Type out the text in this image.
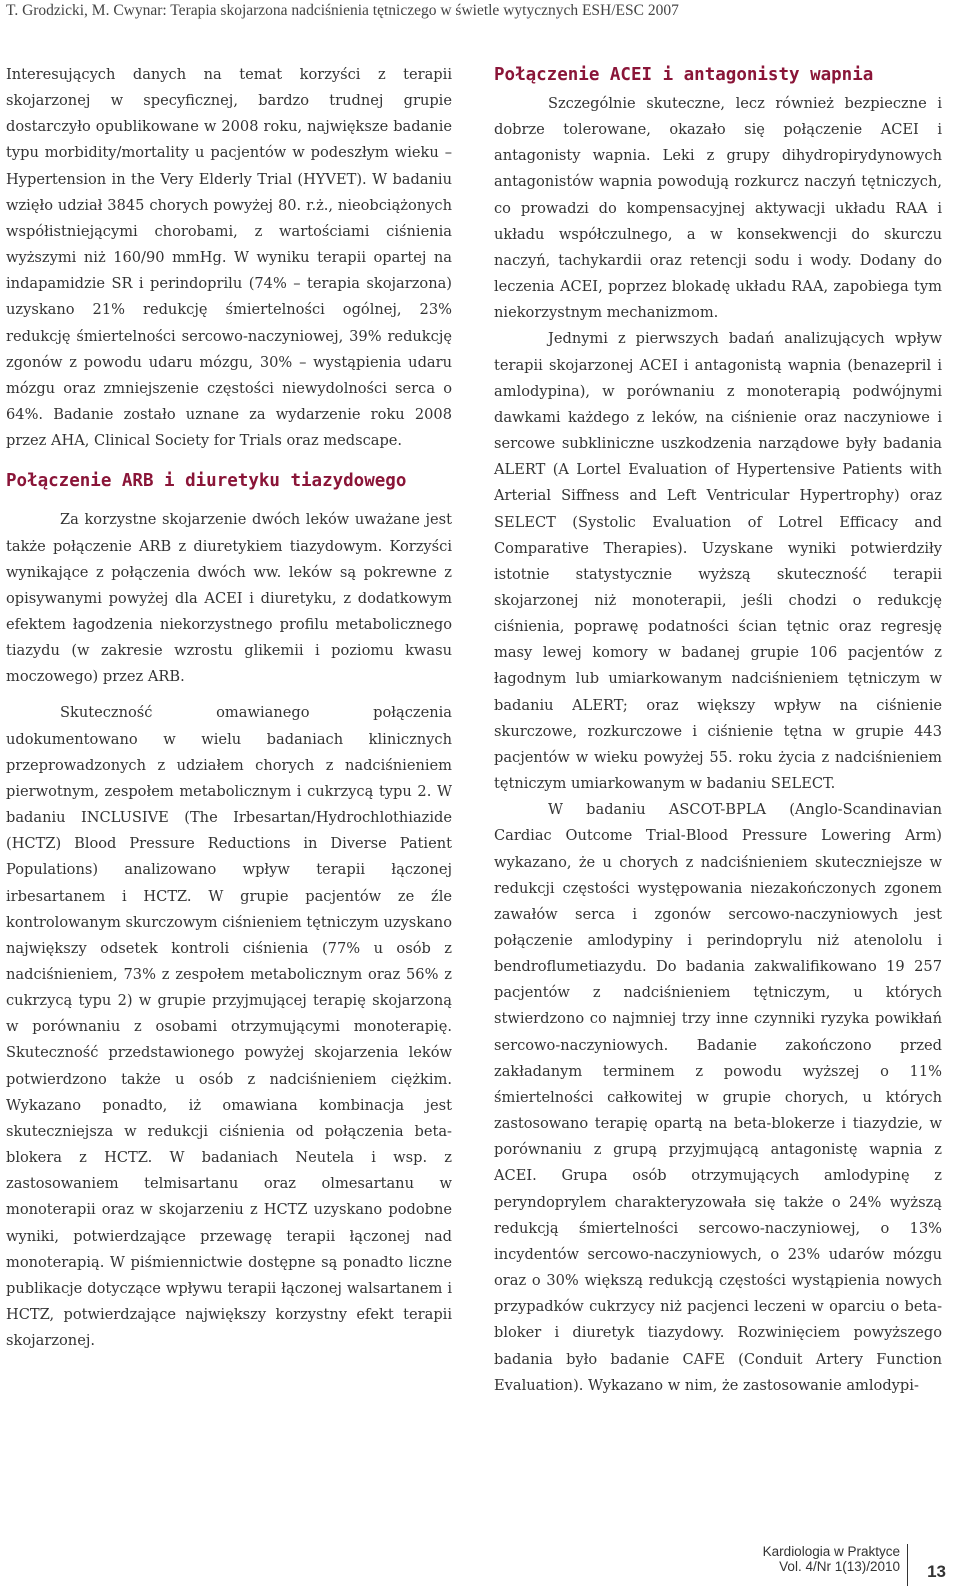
T. Grodzicki, M. Cwynar: Terapia skojarzona nadciśnienia tętniczego w świetle wytycznych ESH/ESC 2007

Interesujących danych na temat korzyści z terapii skojarzonej w specyficznej, bardzo trudnej grupie dostarczyło opublikowane w 2008 roku, największe badanie typu morbidity/mortality u pacjentów w podeszłym wieku – Hypertension in the Very Elderly Trial (HYVET). W badaniu wzięło udział 3845 chorych powyżej 80. r.ż., nieobciążonych współistniejącymi chorobami, z wartościami ciśnienia wyższymi niż 160/90 mmHg. W wyniku terapii opartej na indapamidzie SR i perindoprilu (74% – terapia skojarzona) uzyskano 21% redukcję śmiertelności ogólnej, 23% redukcję śmiertelności sercowo-naczyniowej, 39% redukcję zgonów z powodu udaru mózgu, 30% – wystąpienia udaru mózgu oraz zmniejszenie częstości niewydolności serca o 64%. Badanie zostało uznane za wydarzenie roku 2008 przez AHA, Clinical Society for Trials oraz medscape.

Połączenie ARB i diuretyku tiazydowego

Za korzystne skojarzenie dwóch leków uważane jest także połączenie ARB z diuretykiem tiazydowym. Korzyści wynikające z połączenia dwóch ww. leków są pokrewne z opisywanymi powyżej dla ACEI i diuretyku, z dodatkowym efektem łagodzenia niekorzystnego profilu metabolicznego tiazydu (w zakresie wzrostu glikemii i poziomu kwasu moczowego) przez ARB.

Skuteczność omawianego połączenia udokumentowano w wielu badaniach klinicznych przeprowadzonych z udziałem chorych z nadciśnieniem pierwotnym, zespołem metabolicznym i cukrzycą typu 2. W badaniu INCLUSIVE (The Irbesartan/Hydrochlothiazide (HCTZ) Blood Pressure Reductions in Diverse Patient Populations) analizowano wpływ terapii łączonej irbesartanem i HCTZ. W grupie pacjentów ze źle kontrolowanym skurczowym ciśnieniem tętniczym uzyskano największy odsetek kontroli ciśnienia (77% u osób z nadciśnieniem, 73% z zespołem metabolicznym oraz 56% z cukrzycą typu 2) w grupie przyjmującej terapię skojarzoną w porównaniu z osobami otrzymującymi monoterapię. Skuteczność przedstawionego powyżej skojarzenia leków potwierdzono także u osób z nadciśnieniem ciężkim. Wykazano ponadto, iż omawiana kombinacja jest skuteczniejsza w redukcji ciśnienia od połączenia beta-blokera z HCTZ. W badaniach Neutela i wsp. z zastosowaniem telmisartanu oraz olmesartanu w monoterapii oraz w skojarzeniu z HCTZ uzyskano podobne wyniki, potwierdzające przewagę terapii łączonej nad monoterapią. W piśmiennictwie dostępne są ponadto liczne publikacje dotyczące wpływu terapii łączonej walsartanem i HCTZ, potwierdzające największy korzystny efekt terapii skojarzonej.

Połączenie ACEI i antagonisty wapnia

Szczególnie skuteczne, lecz również bezpieczne i dobrze tolerowane, okazało się połączenie ACEI i antagonisty wapnia. Leki z grupy dihydropirydynowych antagonistów wapnia powodują rozkurcz naczyń tętniczych, co prowadzi do kompensacyjnej aktywacji układu RAA i układu współczulnego, a w konsekwencji do skurczu naczyń, tachykardii oraz retencji sodu i wody. Dodany do leczenia ACEI, poprzez blokadę układu RAA, zapobiega tym niekorzystnym mechanizmom.

Jednymi z pierwszych badań analizujących wpływ terapii skojarzonej ACEI i antagonistą wapnia (benazepril i amlodypina), w porównaniu z monoterapią podwójnymi dawkami każdego z leków, na ciśnienie oraz naczyniowe i sercowe subkliniczne uszkodzenia narządowe były badania ALERT (A Lortel Evaluation of Hypertensive Patients with Arterial Siffness and Left Ventricular Hypertrophy) oraz SELECT (Systolic Evaluation of Lotrel Efficacy and Comparative Therapies). Uzyskane wyniki potwierdziły istotnie statystycznie wyższą skuteczność terapii skojarzonej niż monoterapii, jeśli chodzi o redukcję ciśnienia, poprawę podatności ścian tętnic oraz regresję masy lewej komory w badanej grupie 106 pacjentów z łagodnym lub umiarkowanym nadciśnieniem tętniczym w badaniu ALERT; oraz większy wpływ na ciśnienie skurczowe, rozkurczowe i ciśnienie tętna w grupie 443 pacjentów w wieku powyżej 55. roku życia z nadciśnieniem tętniczym umiarkowanym w badaniu SELECT.

W badaniu ASCOT-BPLA (Anglo-Scandinavian Cardiac Outcome Trial-Blood Pressure Lowering Arm) wykazano, że u chorych z nadciśnieniem skuteczniejsze w redukcji częstości występowania niezakończonych zgonem zawałów serca i zgonów sercowo-naczyniowych jest połączenie amlodypiny i perindoprylu niż atenololu i bendroflumetiazydu. Do badania zakwalifikowano 19 257 pacjentów z nadciśnieniem tętniczym, u których stwierdzono co najmniej trzy inne czynniki ryzyka powikłań sercowo-naczyniowych. Badanie zakończono przed zakładanym terminem z powodu wyższej o 11% śmiertelności całkowitej w grupie chorych, u których zastosowano terapię opartą na beta-blokerze i tiazydzie, w porównaniu z grupą przyjmującą antagonistę wapnia z ACEI. Grupa osób otrzymujących amlodypinę z peryndoprylem charakteryzowała się także o 24% wyższą redukcją śmiertelności sercowo-naczyniowej, o 13% incydentów sercowo-naczyniowych, o 23% udarów mózgu oraz o 30% większą redukcją częstości wystąpienia nowych przypadków cukrzycy niż pacjenci leczeni w oparciu o beta-bloker i diuretyk tiazydowy. Rozwinięciem powyższego badania było badanie CAFE (Conduit Artery Function Evaluation). Wykazano w nim, że zastosowanie amlodypi-

Kardiologia w Praktyce
Vol. 4/Nr 1(13)/2010 13
